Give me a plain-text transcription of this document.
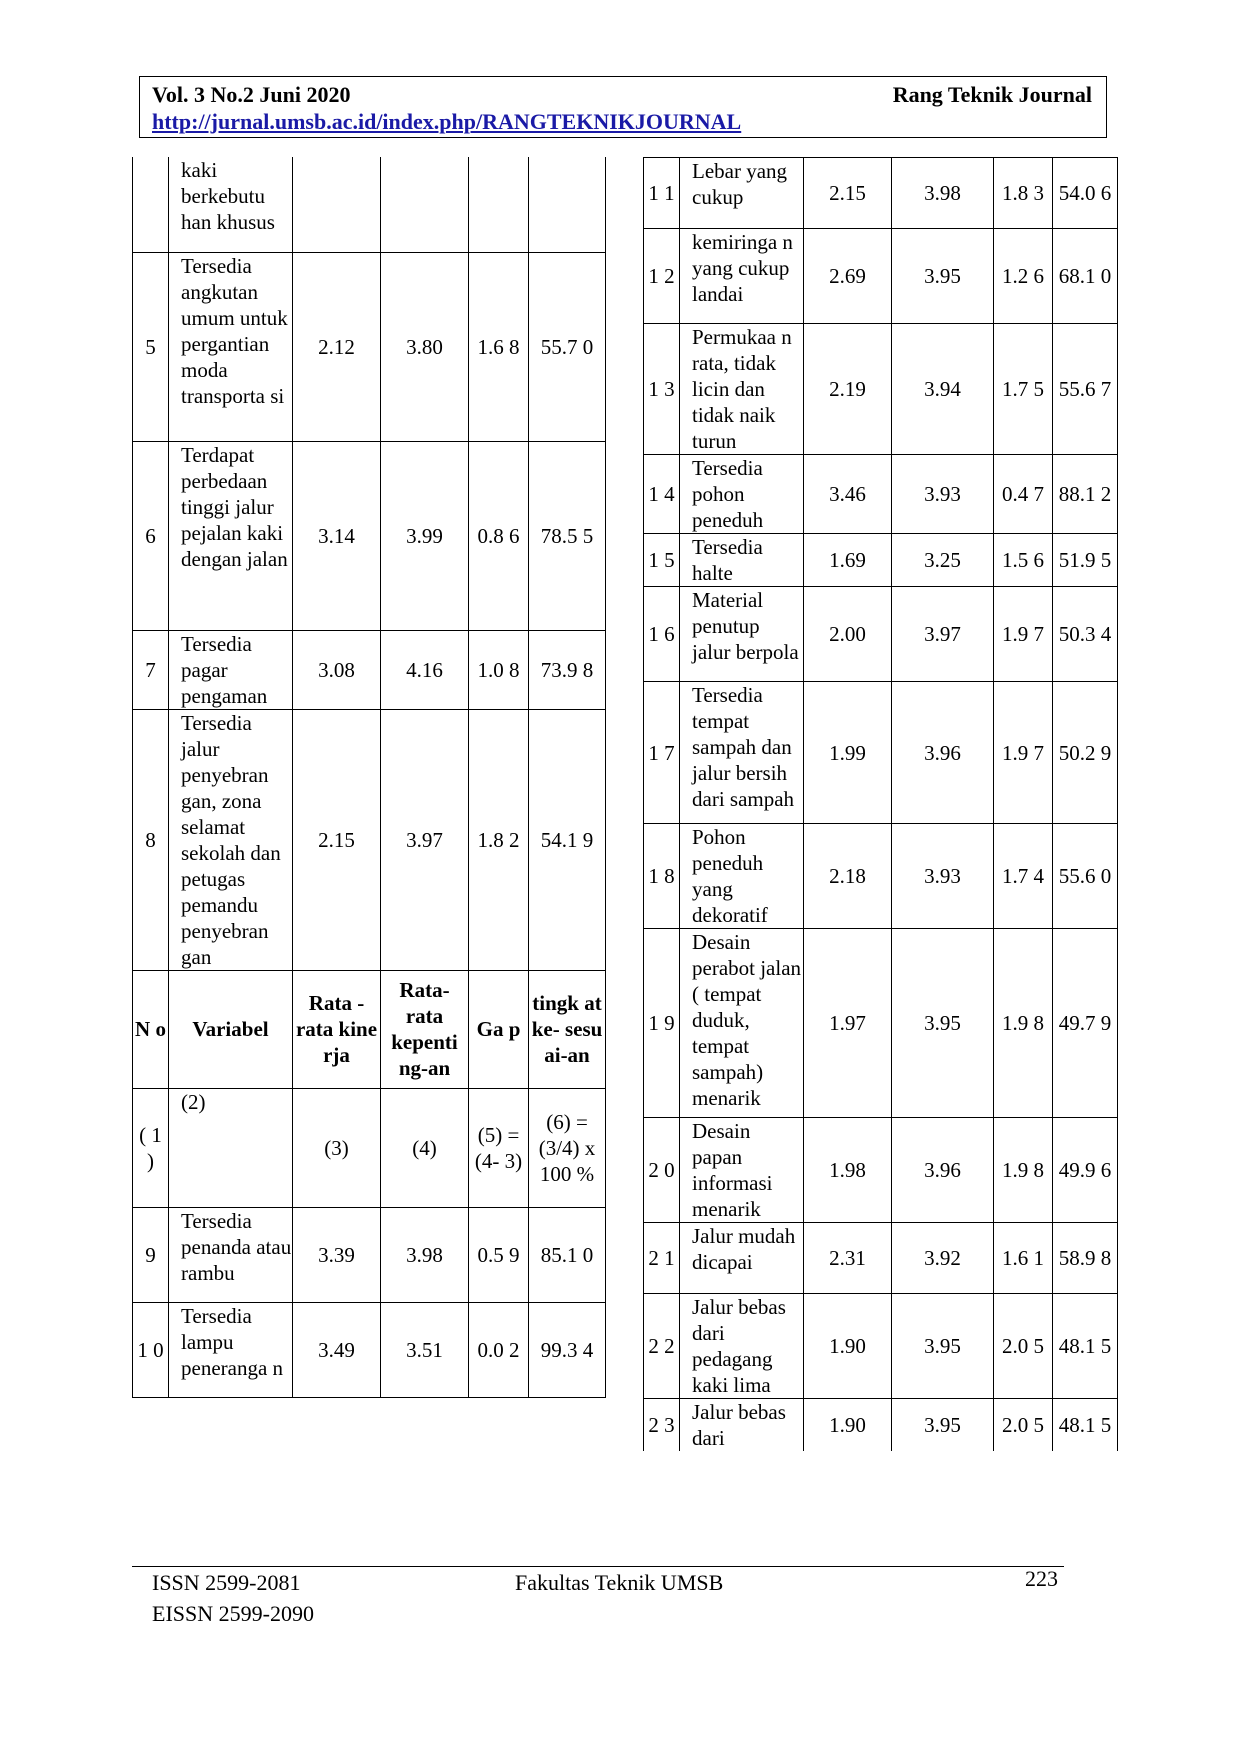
Vol. 3 No.2 Juni 2020	Rang Teknik Journal
http://jurnal.umsb.ac.id/index.php/RANGTEKNIKJOURNAL
	kaki berkebutu han khusus				
5	Tersedia angkutan umum untuk pergantian moda transporta si	2.12	3.80	1.6 8	55.7 0
6	Terdapat perbedaan tinggi jalur pejalan kaki dengan jalan	3.14	3.99	0.8 6	78.5 5
7	Tersedia pagar pengaman	3.08	4.16	1.0 8	73.9 8
8	Tersedia jalur penyebran gan, zona selamat sekolah dan petugas pemandu penyebran gan	2.15	3.97	1.8 2	54.1 9
N o	Variabel	Rata -rata kine rja	Rata- rata kepenti ng-an	Ga p	tingk at ke- sesu ai-an
( 1 )	(2)	(3)	(4)	(5) = (4- 3)	(6) = (3/4) x 100 %
9	Tersedia penanda atau rambu	3.39	3.98	0.5 9	85.1 0
1 0	Tersedia lampu peneranga n	3.49	3.51	0.0 2	99.3 4
1 1	Lebar yang cukup	2.15	3.98	1.8 3	54.0 6
1 2	kemiringa n yang cukup landai	2.69	3.95	1.2 6	68.1 0
1 3	Permukaa n rata, tidak licin dan tidak naik turun	2.19	3.94	1.7 5	55.6 7
1 4	Tersedia pohon peneduh	3.46	3.93	0.4 7	88.1 2
1 5	Tersedia halte	1.69	3.25	1.5 6	51.9 5
1 6	Material penutup jalur berpola	2.00	3.97	1.9 7	50.3 4
1 7	Tersedia tempat sampah dan jalur bersih dari sampah	1.99	3.96	1.9 7	50.2 9
1 8	Pohon peneduh yang dekoratif	2.18	3.93	1.7 4	55.6 0
1 9	Desain perabot jalan ( tempat duduk, tempat sampah) menarik	1.97	3.95	1.9 8	49.7 9
2 0	Desain papan informasi menarik	1.98	3.96	1.9 8	49.9 6
2 1	Jalur mudah dicapai	2.31	3.92	1.6 1	58.9 8
2 2	Jalur bebas dari pedagang kaki lima	1.90	3.95	2.0 5	48.1 5
2 3	Jalur bebas dari	1.90	3.95	2.0 5	48.1 5
ISSN 2599-2081
EISSN 2599-2090
Fakultas Teknik UMSB	223
